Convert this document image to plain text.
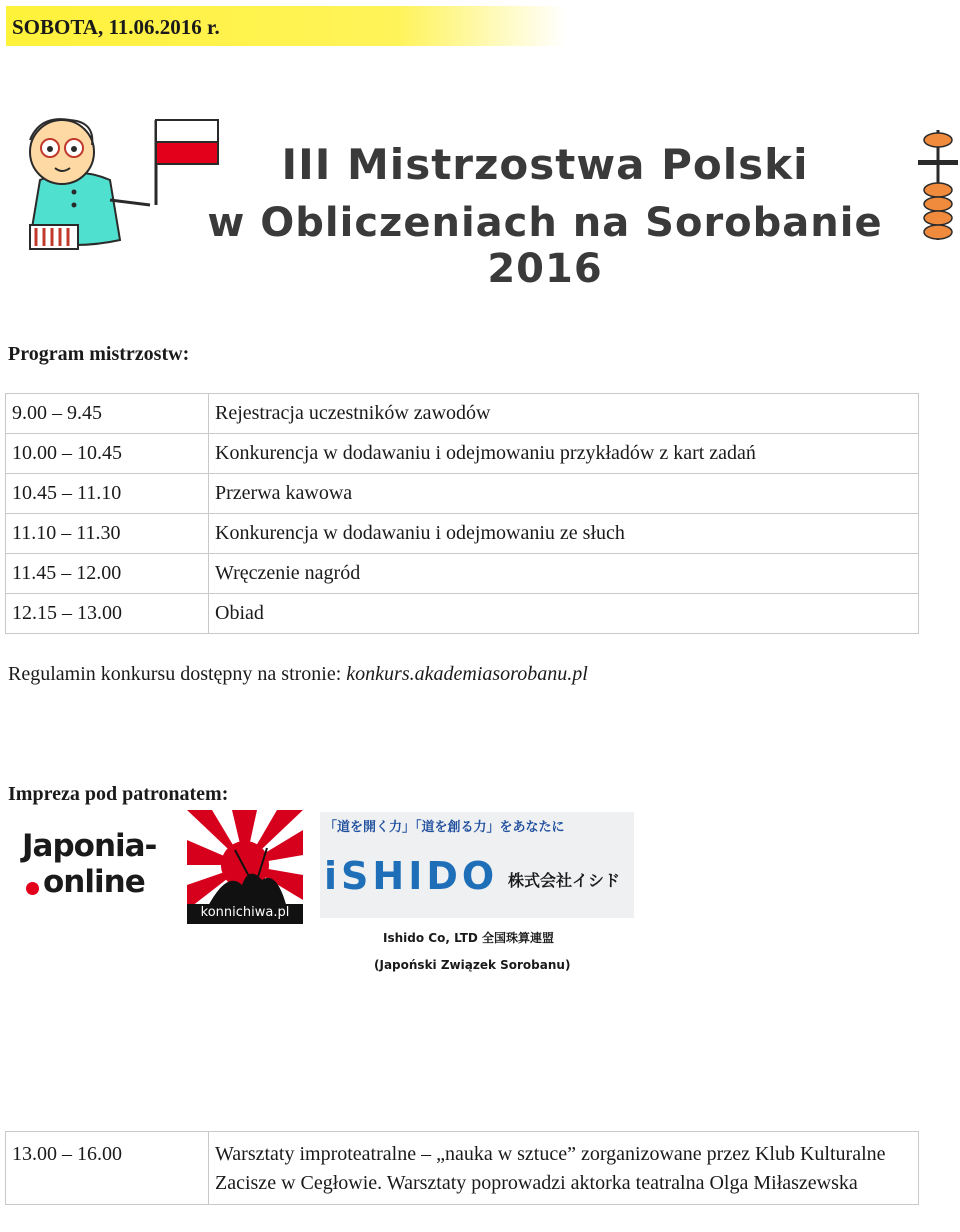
SOBOTA, 11.06.2016 r.
III Mistrzostwa Polski
w Obliczeniach na Sorobanie 2016
Program mistrzostw:
9.00 – 9.45	Rejestracja uczestników zawodów
10.00 – 10.45	Konkurencja w dodawaniu i odejmowaniu przykładów z kart zadań
10.45 – 11.10	Przerwa kawowa
11.10 – 11.30	Konkurencja w dodawaniu i odejmowaniu ze słuch
11.45 – 12.00	Wręczenie nagród
12.15 – 13.00	Obiad
Regulamin konkursu dostępny na stronie: konkurs.akademiasorobanu.pl
Impreza pod patronatem:
Japonia-
online
konnichiwa.pl
「道を開く力」「道を創る力」をあなたに
iSHIDO 株式会社イシド
Ishido Co, LTD 全国珠算連盟
(Japoński Związek Sorobanu)
13.00 – 16.00	Warsztaty improteatralne – „nauka w sztuce” zorganizowane przez Klub Kulturalne Zacisze w Cegłowie. Warsztaty poprowadzi aktorka teatralna Olga Miłaszewska
